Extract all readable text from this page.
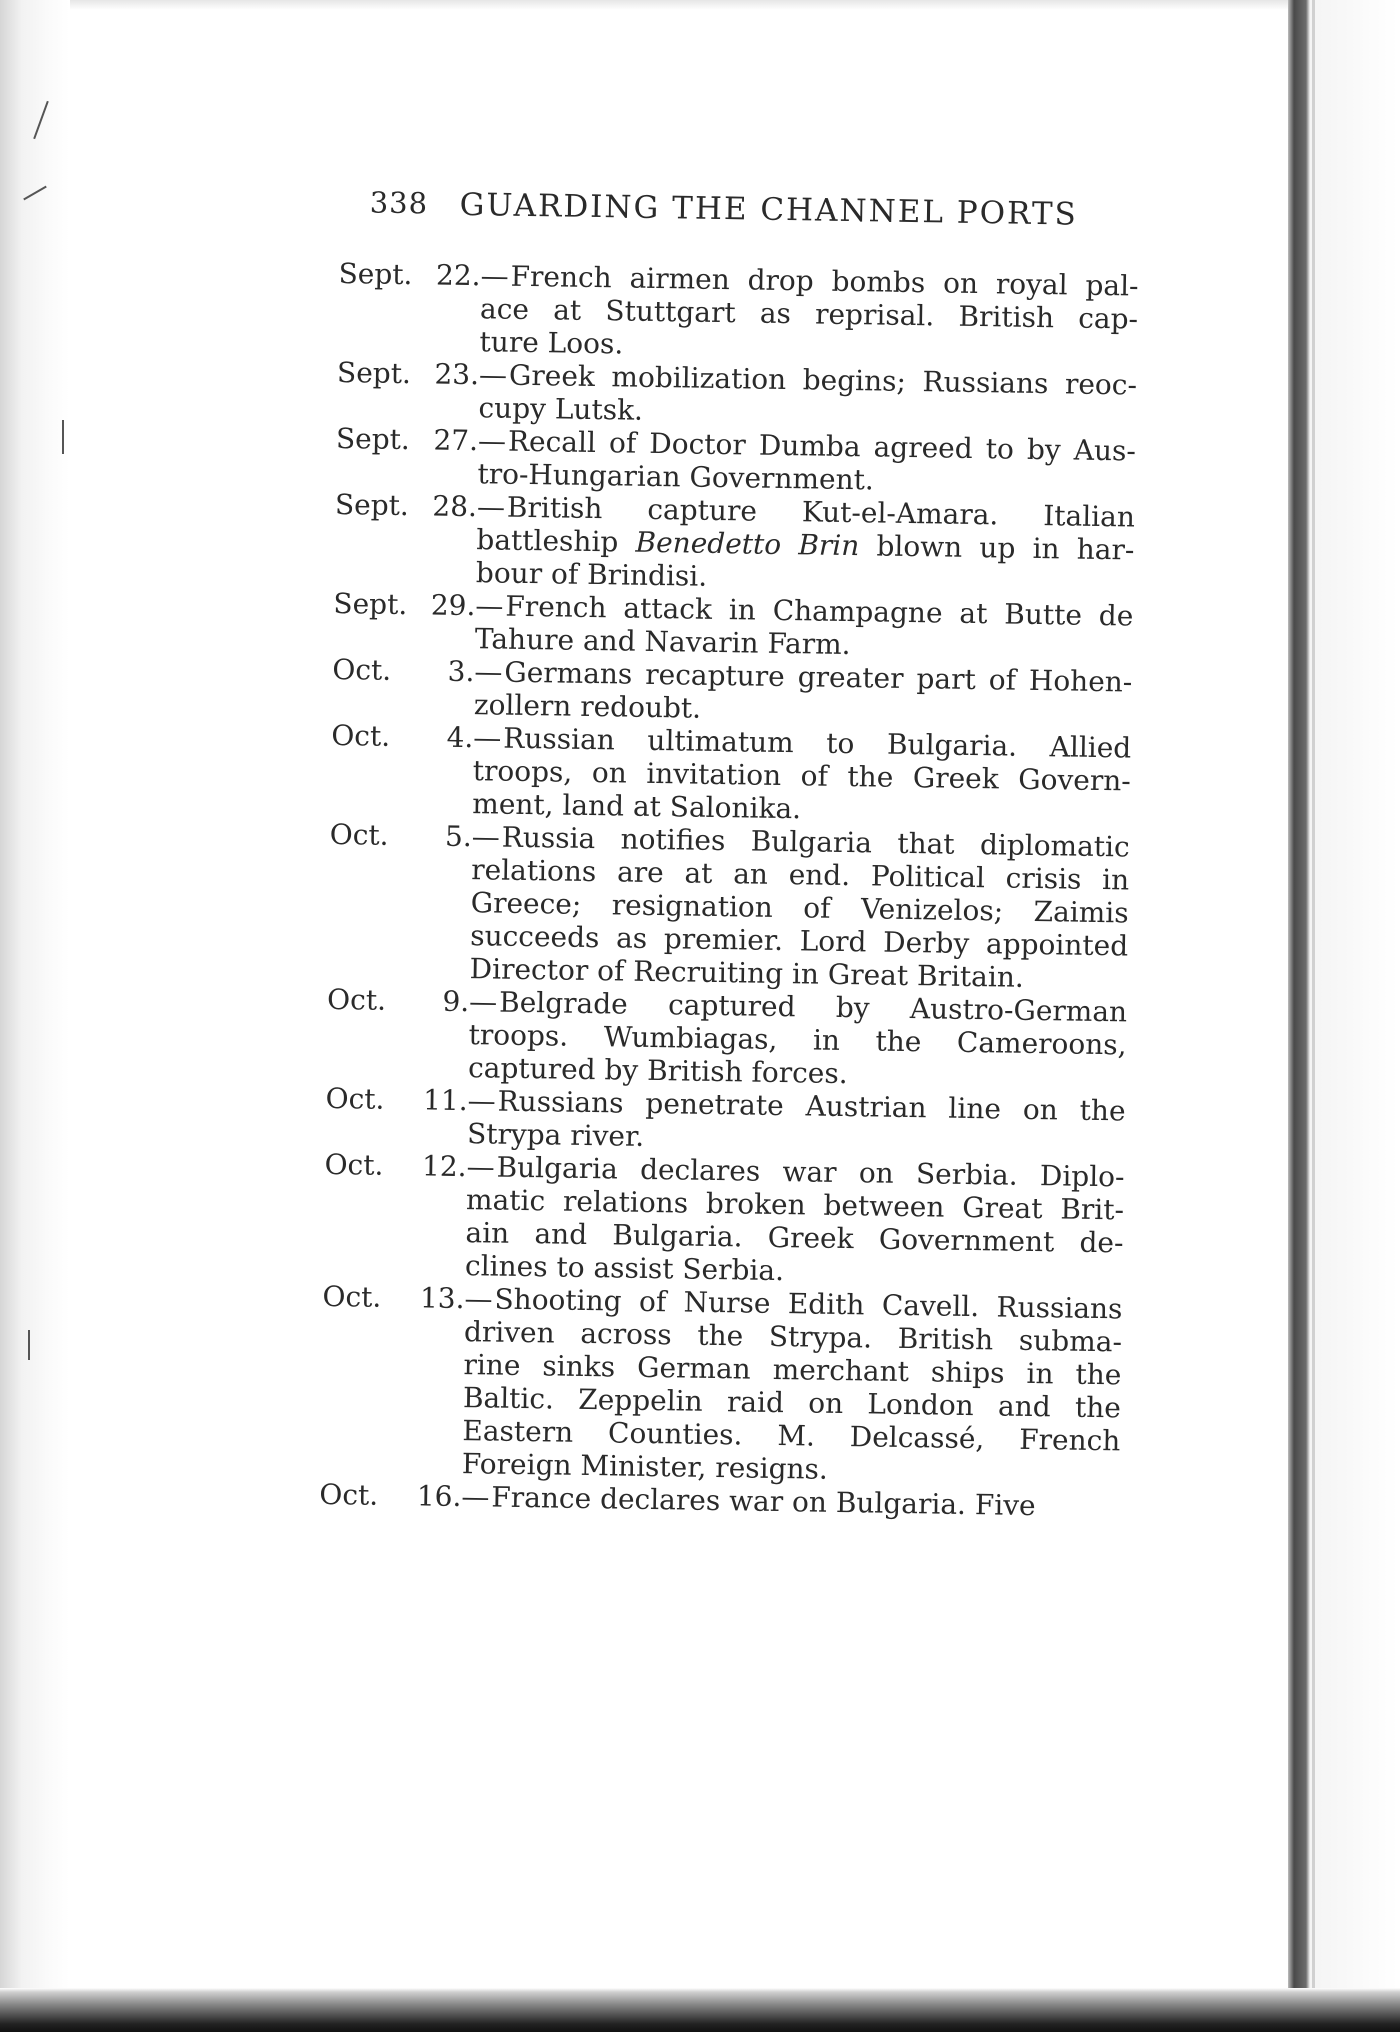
338 GUARDING THE CHANNEL PORTS
Sept. 22.— French airmen drop bombs on royal pal-
ace at Stuttgart as reprisal. British cap-
ture Loos.
Sept. 23.— Greek mobilization begins; Russians reoc-
cupy Lutsk.
Sept. 27.— Recall of Doctor Dumba agreed to by Aus-
tro-Hungarian Government.
Sept. 28.— British capture Kut-el-Amara. Italian
battleship Benedetto Brin blown up in har-
bour of Brindisi.
Sept. 29.— French attack in Champagne at Butte de
Tahure and Navarin Farm.
Oct. 3.— Germans recapture greater part of Hohen-
zollern redoubt.
Oct. 4.— Russian ultimatum to Bulgaria. Allied
troops, on invitation of the Greek Govern-
ment, land at Salonika.
Oct. 5.— Russia notifies Bulgaria that diplomatic
relations are at an end. Political crisis in
Greece; resignation of Venizelos; Zaimis
succeeds as premier. Lord Derby appointed
Director of Recruiting in Great Britain.
Oct. 9.— Belgrade captured by Austro-German
troops. Wumbiagas, in the Cameroons,
captured by British forces.
Oct. 11.— Russians penetrate Austrian line on the
Strypa river.
Oct. 12.— Bulgaria declares war on Serbia. Diplo-
matic relations broken between Great Brit-
ain and Bulgaria. Greek Government de-
clines to assist Serbia.
Oct. 13.— Shooting of Nurse Edith Cavell. Russians
driven across the Strypa. British subma-
rine sinks German merchant ships in the
Baltic. Zeppelin raid on London and the
Eastern Counties. M. Delcassé, French
Foreign Minister, resigns.
Oct. 16.— France declares war on Bulgaria. Five
